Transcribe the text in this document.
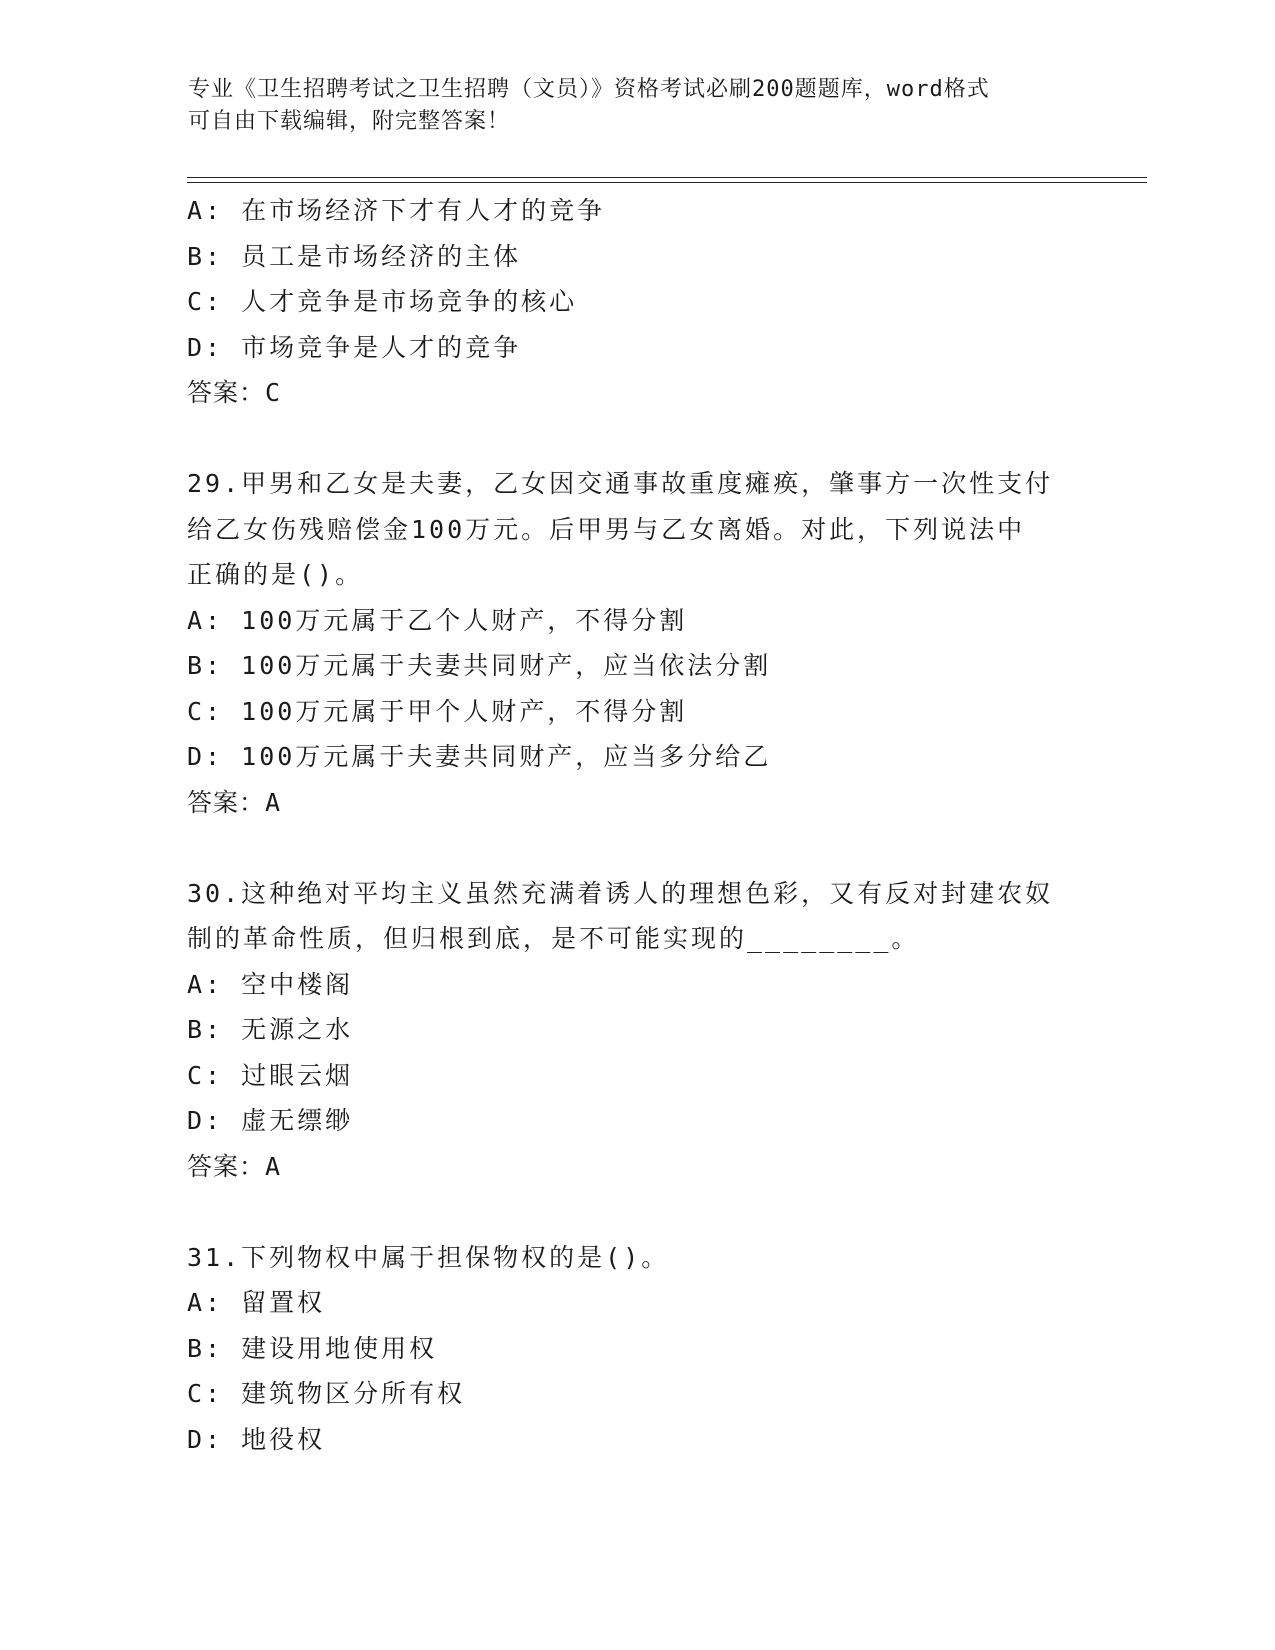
专业《卫生招聘考试之卫生招聘（文员）》资格考试必刷200题题库，word格式
可自由下载编辑，附完整答案！
A: 在市场经济下才有人才的竞争
B: 员工是市场经济的主体
C: 人才竞争是市场竞争的核心
D: 市场竞争是人才的竞争
答案：C
29.甲男和乙女是夫妻，乙女因交通事故重度瘫痪，肇事方一次性支付
给乙女伤残赔偿金100万元。后甲男与乙女离婚。对此，下列说法中
正确的是()。
A: 100万元属于乙个人财产，不得分割
B: 100万元属于夫妻共同财产，应当依法分割
C: 100万元属于甲个人财产，不得分割
D: 100万元属于夫妻共同财产，应当多分给乙
答案：A
30.这种绝对平均主义虽然充满着诱人的理想色彩，又有反对封建农奴
制的革命性质，但归根到底，是不可能实现的________。
A: 空中楼阁
B: 无源之水
C: 过眼云烟
D: 虚无缥缈
答案：A
31.下列物权中属于担保物权的是()。
A: 留置权
B: 建设用地使用权
C: 建筑物区分所有权
D: 地役权
